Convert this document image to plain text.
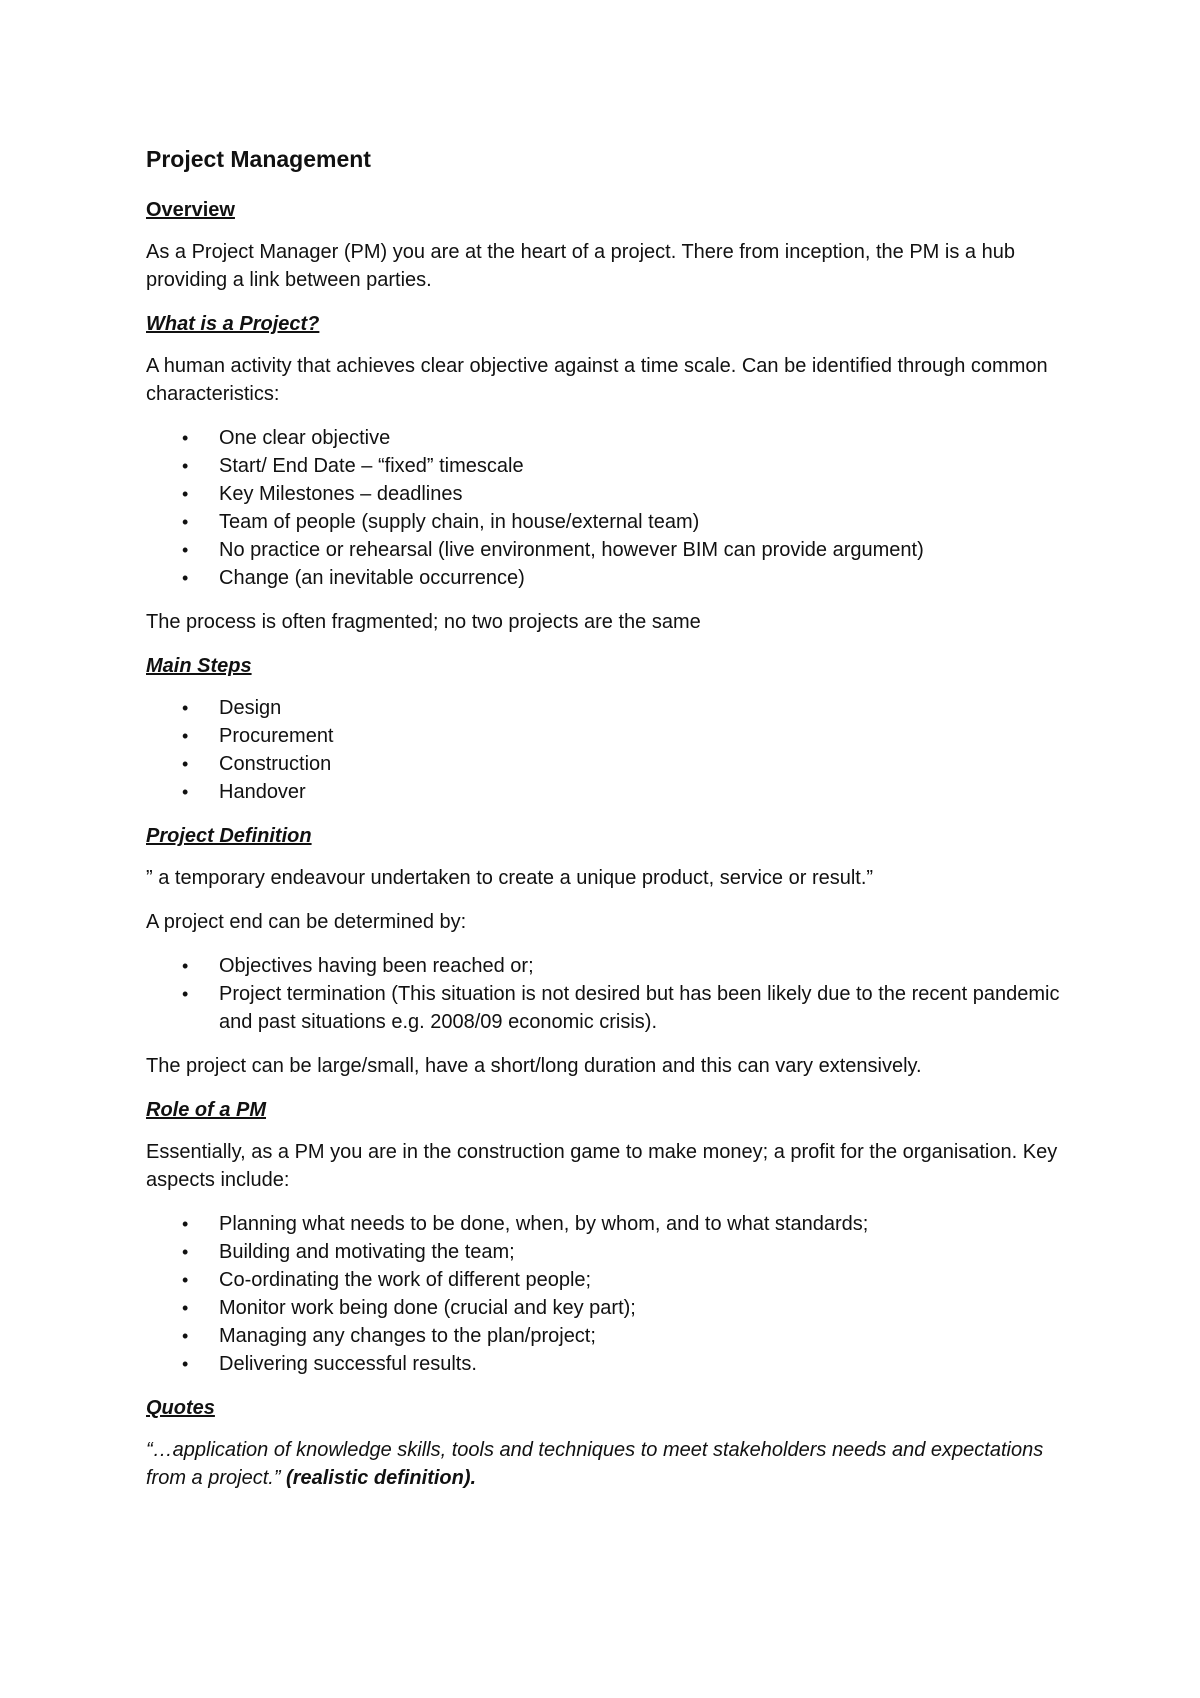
Project Management
Overview

As a Project Manager (PM) you are at the heart of a project. There from inception, the PM is a hub providing a link between parties.

What is a Project?

A human activity that achieves clear objective against a time scale. Can be identified through common characteristics:

• One clear objective
• Start/ End Date – “fixed” timescale
• Key Milestones – deadlines
• Team of people (supply chain, in house/external team)
• No practice or rehearsal (live environment, however BIM can provide argument)
• Change (an inevitable occurrence)

The process is often fragmented; no two projects are the same

Main Steps
• Design
• Procurement
• Construction
• Handover
Project Definition

” a temporary endeavour undertaken to create a unique product, service or result.”

A project end can be determined by:

• Objectives having been reached or;
• Project termination (This situation is not desired but has been likely due to the recent pandemic and past situations e.g. 2008/09 economic crisis).

The project can be large/small, have a short/long duration and this can vary extensively.

Role of a PM

Essentially, as a PM you are in the construction game to make money; a profit for the organisation. Key aspects include:

• Planning what needs to be done, when, by whom, and to what standards;
• Building and motivating the team;
• Co-ordinating the work of different people;
• Monitor work being done (crucial and key part);
• Managing any changes to the plan/project;
• Delivering successful results.
Quotes

“…application of knowledge skills, tools and techniques to meet stakeholders needs and expectations from a project.” (realistic definition).
